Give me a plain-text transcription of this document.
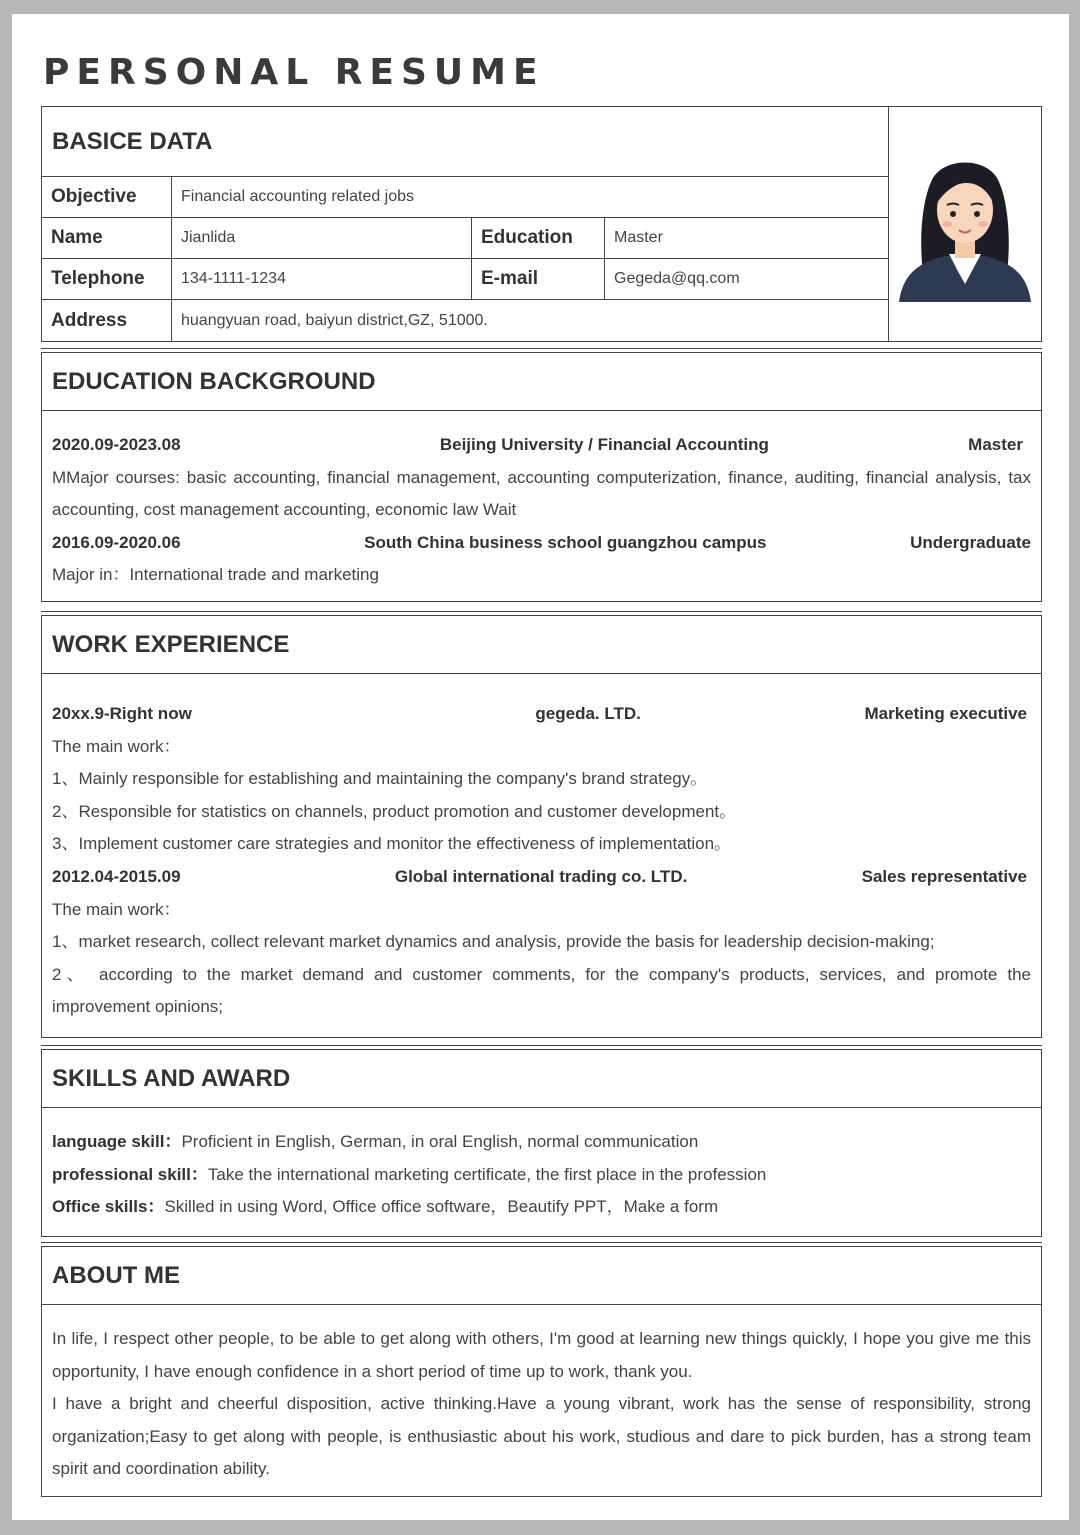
PERSONAL RESUME
BASICE DATA
Objective	Financial accounting related jobs
Name	Jianlida	Education	Master
Telephone	134-1111-1234	E-mail	Gegeda@qq.com
Address	huangyuan road, baiyun district,GZ, 51000.
EDUCATION BACKGROUND
2020.09-2023.08	Beijing University / Financial Accounting	Master
MMajor courses: basic accounting, financial management, accounting computerization, finance, auditing, financial analysis, tax accounting, cost management accounting, economic law Wait
2016.09-2020.06	South China business school guangzhou campus	Undergraduate
Major in：International trade and marketing
WORK EXPERIENCE
20xx.9-Right now	gegeda. LTD.	Marketing executive
The main work：
1、Mainly responsible for establishing and maintaining the company's brand strategy。
2、Responsible for statistics on channels, product promotion and customer development。
3、Implement customer care strategies and monitor the effectiveness of implementation。
2012.04-2015.09	Global international trading co. LTD.	Sales representative
The main work：
1、market research, collect relevant market dynamics and analysis, provide the basis for leadership decision-making;
2、 according to the market demand and customer comments, for the company's products, services, and promote the improvement opinions;
SKILLS AND AWARD
language skill：Proficient in English, German, in oral English, normal communication
professional skill：Take the international marketing certificate, the first place in the profession
Office skills：Skilled in using Word, Office office software，Beautify PPT，Make a form
ABOUT ME
In life, I respect other people, to be able to get along with others, I'm good at learning new things quickly, I hope you give me this opportunity, I have enough confidence in a short period of time up to work, thank you.
I have a bright and cheerful disposition, active thinking.Have a young vibrant, work has the sense of responsibility, strong organization;Easy to get along with people, is enthusiastic about his work, studious and dare to pick burden, has a strong team spirit and coordination ability.
